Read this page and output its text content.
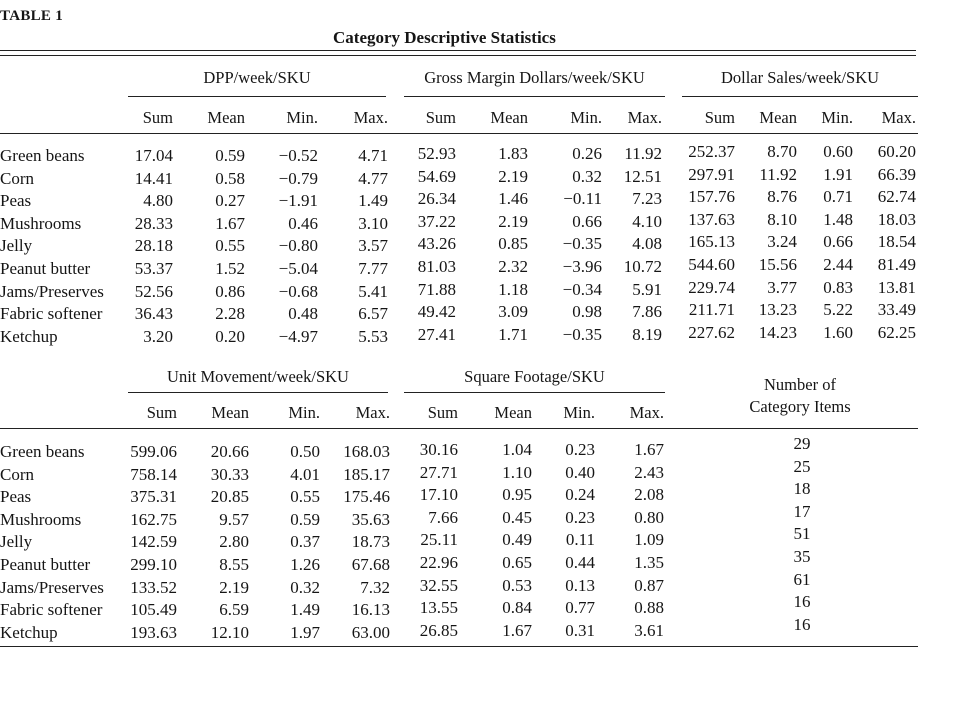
TABLE 1
Category Descriptive Statistics
DPP/week/SKU	Gross Margin Dollars/week/SKU	Dollar Sales/week/SKU
Sum	Mean	Min.	Max.	Sum	Mean	Min.	Max.	Sum	Mean	Min.	Max.
Green beans	17.04	0.59	−0.52	4.71	52.93	1.83	0.26	11.92	252.37	8.70	0.60	60.20
Corn	14.41	0.58	−0.79	4.77	54.69	2.19	0.32	12.51	297.91	11.92	1.91	66.39
Peas	4.80	0.27	−1.91	1.49	26.34	1.46	−0.11	7.23	157.76	8.76	0.71	62.74
Mushrooms	28.33	1.67	0.46	3.10	37.22	2.19	0.66	4.10	137.63	8.10	1.48	18.03
Jelly	28.18	0.55	−0.80	3.57	43.26	0.85	−0.35	4.08	165.13	3.24	0.66	18.54
Peanut butter	53.37	1.52	−5.04	7.77	81.03	2.32	−3.96	10.72	544.60	15.56	2.44	81.49
Jams/Preserves	52.56	0.86	−0.68	5.41	71.88	1.18	−0.34	5.91	229.74	3.77	0.83	13.81
Fabric softener	36.43	2.28	0.48	6.57	49.42	3.09	0.98	7.86	211.71	13.23	5.22	33.49
Ketchup	3.20	0.20	−4.97	5.53	27.41	1.71	−0.35	8.19	227.62	14.23	1.60	62.25
Unit Movement/week/SKU	Square Footage/SKU	Number of
Category Items
Sum	Mean	Min.	Max.	Sum	Mean	Min.	Max.
Green beans	599.06	20.66	0.50	168.03	30.16	1.04	0.23	1.67	29
Corn	758.14	30.33	4.01	185.17	27.71	1.10	0.40	2.43	25
Peas	375.31	20.85	0.55	175.46	17.10	0.95	0.24	2.08	18
Mushrooms	162.75	9.57	0.59	35.63	7.66	0.45	0.23	0.80	17
Jelly	142.59	2.80	0.37	18.73	25.11	0.49	0.11	1.09	51
Peanut butter	299.10	8.55	1.26	67.68	22.96	0.65	0.44	1.35	35
Jams/Preserves	133.52	2.19	0.32	7.32	32.55	0.53	0.13	0.87	61
Fabric softener	105.49	6.59	1.49	16.13	13.55	0.84	0.77	0.88	16
Ketchup	193.63	12.10	1.97	63.00	26.85	1.67	0.31	3.61	16
